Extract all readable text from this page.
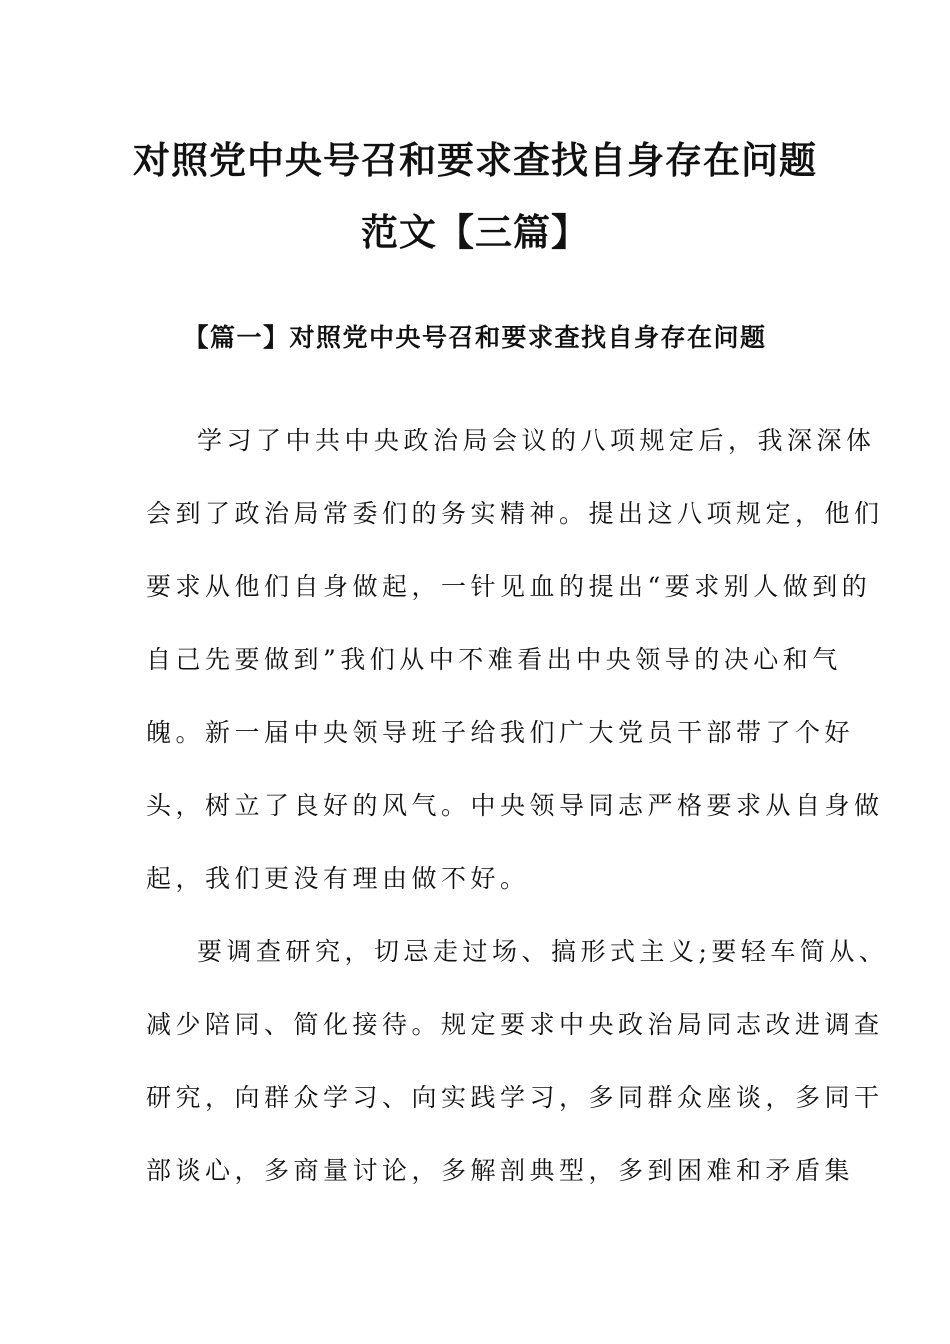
对照党中央号召和要求查找自身存在问题
范文【三篇】
【篇一】对照党中央号召和要求查找自身存在问题
学习了中共中央政治局会议的八项规定后，我深深体
会到了政治局常委们的务实精神。提出这八项规定，他们
要求从他们自身做起，一针见血的提出“要求别人做到的
自己先要做到”我们从中不难看出中央领导的决心和气
魄。新一届中央领导班子给我们广大党员干部带了个好
头，树立了良好的风气。中央领导同志严格要求从自身做
起，我们更没有理由做不好。
要调查研究，切忌走过场、搞形式主义;要轻车简从、
减少陪同、简化接待。规定要求中央政治局同志改进调查
研究，向群众学习、向实践学习，多同群众座谈，多同干
部谈心，多商量讨论，多解剖典型，多到困难和矛盾集
